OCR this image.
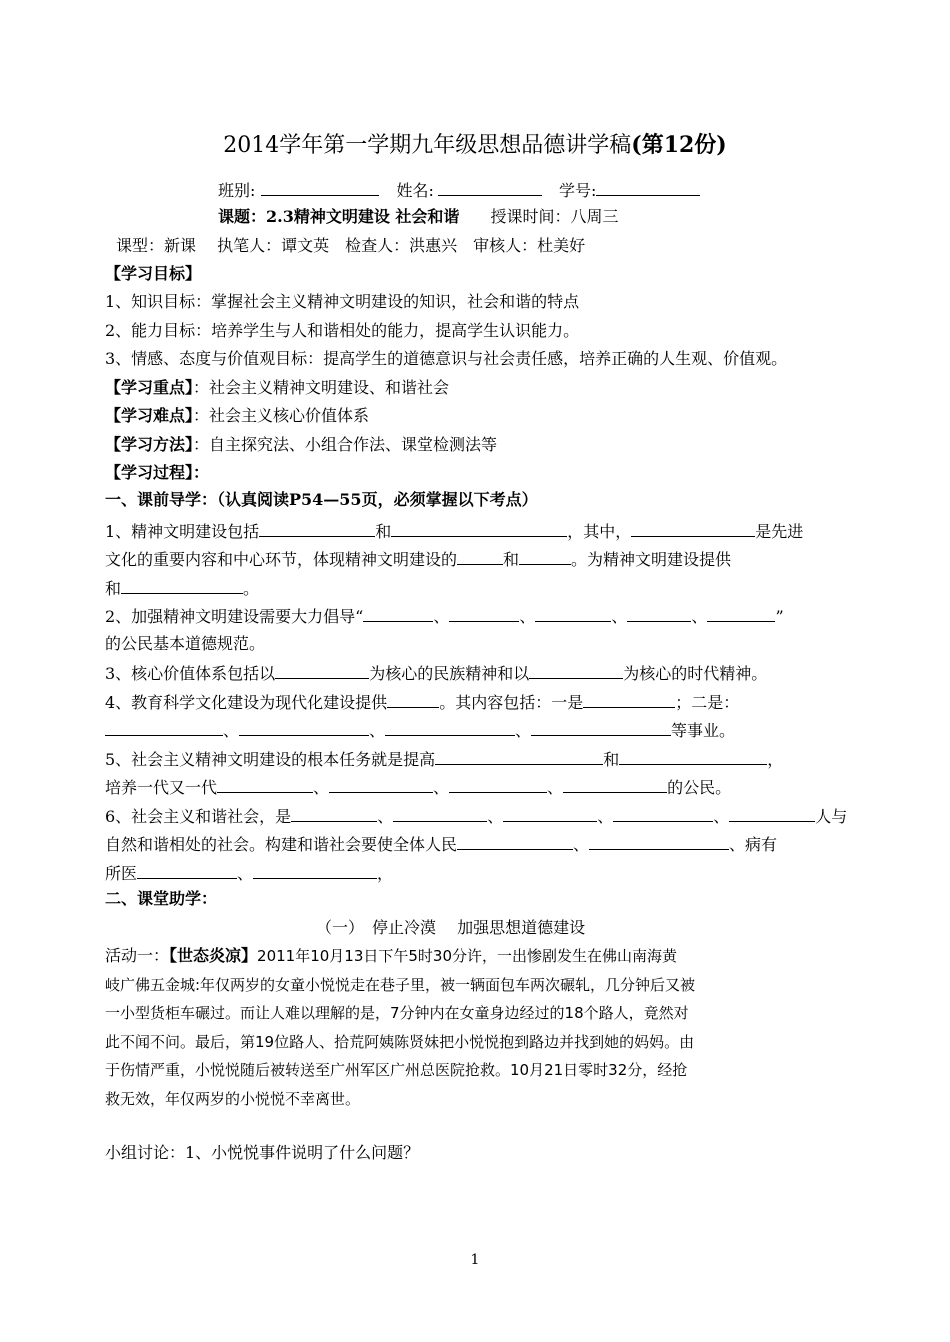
2014学年第一学期九年级思想品德讲学稿(第12份)
班别:	姓名:	学号:
课题：2.3精神文明建设 社会和谐 授课时间：八周三
课型：新课　 执笔人：谭文英　检查人：洪惠兴　审核人：杜美好
【学习目标】
1、知识目标：掌握社会主义精神文明建设的知识，社会和谐的特点
2、能力目标：培养学生与人和谐相处的能力，提高学生认识能力。
3、情感、态度与价值观目标：提高学生的道德意识与社会责任感，培养正确的人生观、价值观。
【学习重点】：社会主义精神文明建设、和谐社会
【学习难点】：社会主义核心价值体系
【学习方法】：自主探究法、小组合作法、课堂检测法等
【学习过程】：
一、课前导学：（认真阅读P54—55页，必须掌握以下考点）
1、精神文明建设包括	和	，其中，	是先进
文化的重要内容和中心环节，体现精神文明建设的	和	。为精神文明建设提供
和	。
2、加强精神文明建设需要大力倡导“	、	、	、	、	”
的公民基本道德规范。
3、核心价值体系包括以	为核心的民族精神和以	为核心的时代精神。
4、教育科学文化建设为现代化建设提供	。其内容包括：一是	；二是：
、	、	、	等事业。
5、社会主义精神文明建设的根本任务就是提高	和	，
培养一代又一代	、	、	、	的公民。
6、社会主义和谐社会，是	、	、	、	、	人与
自然和谐相处的社会。构建和谐社会要使全体人民	、	、病有
所医	、	，
二、课堂助学：
（一）　停止冷漠　 加强思想道德建设
活动一：【世态炎凉】2011年10月13日下午5时30分许，一出惨剧发生在佛山南海黄
岐广佛五金城:年仅两岁的女童小悦悦走在巷子里，被一辆面包车两次碾轧，几分钟后又被
一小型货柜车碾过。而让人难以理解的是，7分钟内在女童身边经过的18个路人，竟然对
此不闻不问。最后，第19位路人、拾荒阿姨陈贤妹把小悦悦抱到路边并找到她的妈妈。由
于伤情严重，小悦悦随后被转送至广州军区广州总医院抢救。10月21日零时32分，经抢
救无效，年仅两岁的小悦悦不幸离世。
小组讨论：1、小悦悦事件说明了什么问题？
1
